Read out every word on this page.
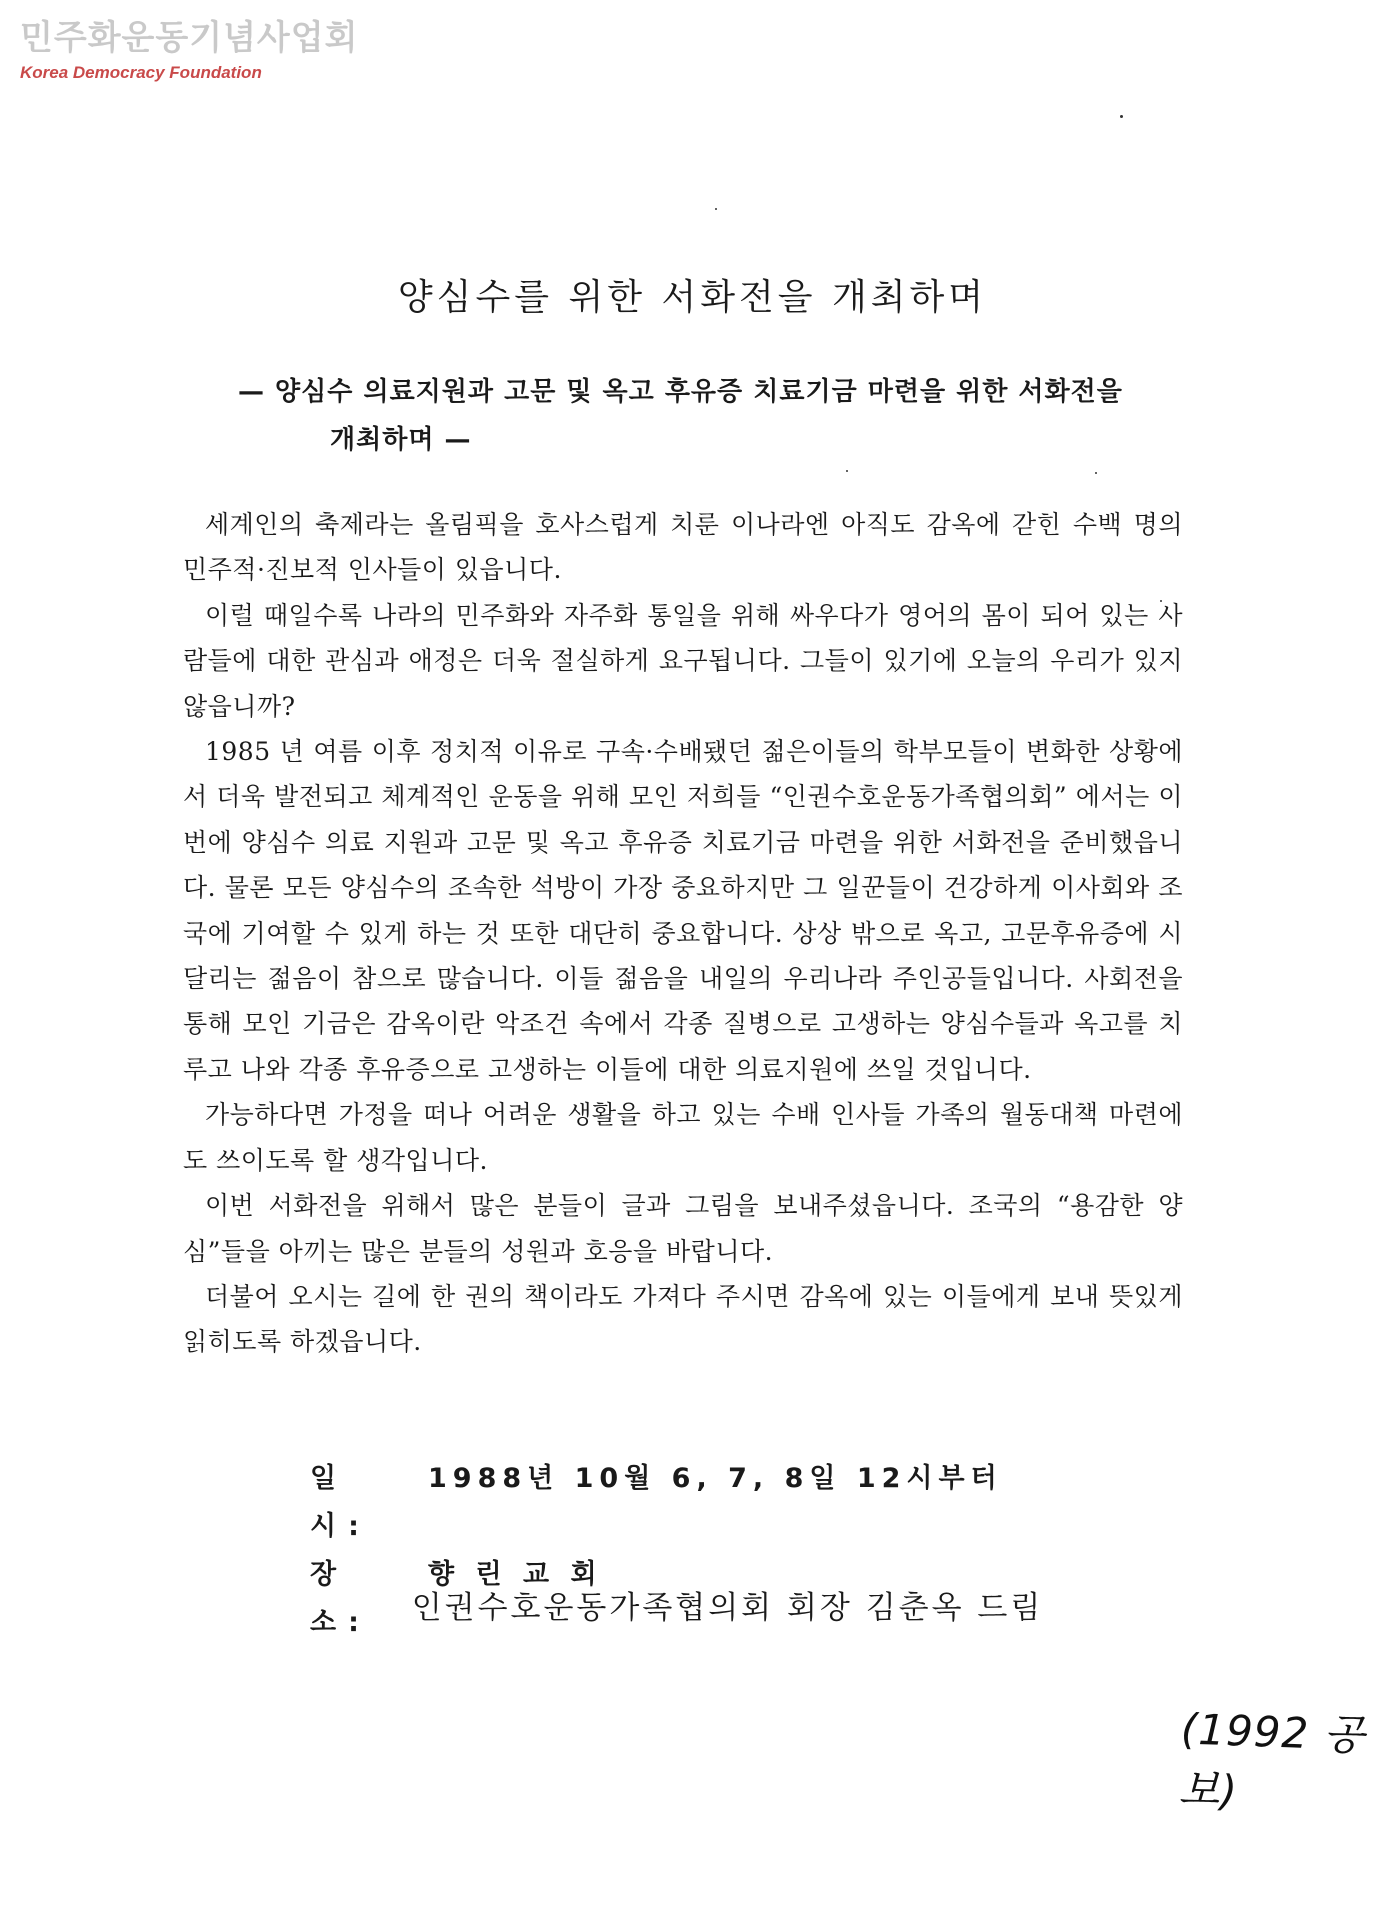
민주화운동기념사업회
Korea Democracy Foundation
양심수를 위한 서화전을 개최하며
— 양심수 의료지원과 고문 및 옥고 후유증 치료기금 마련을 위한 서화전을
개최하며 —

세계인의 축제라는 올림픽을 호사스럽게 치룬 이나라엔 아직도 감옥에 갇힌 수백 명의 민주적·진보적 인사들이 있읍니다.

이럴 때일수록 나라의 민주화와 자주화 통일을 위해 싸우다가 영어의 몸이 되어 있는 사람들에 대한 관심과 애정은 더욱 절실하게 요구됩니다. 그들이 있기에 오늘의 우리가 있지 않읍니까?

1985 년 여름 이후 정치적 이유로 구속·수배됐던 젊은이들의 학부모들이 변화한 상황에서 더욱 발전되고 체계적인 운동을 위해 모인 저희들 “인권수호운동가족협의회” 에서는 이번에 양심수 의료 지원과 고문 및 옥고 후유증 치료기금 마련을 위한 서화전을 준비했읍니다. 물론 모든 양심수의 조속한 석방이 가장 중요하지만 그 일꾼들이 건강하게 이사회와 조국에 기여할 수 있게 하는 것 또한 대단히 중요합니다. 상상 밖으로 옥고, 고문후유증에 시달리는 젊음이 참으로 많습니다. 이들 젊음을 내일의 우리나라 주인공들입니다. 사회전을 통해 모인 기금은 감옥이란 악조건 속에서 각종 질병으로 고생하는 양심수들과 옥고를 치루고 나와 각종 후유증으로 고생하는 이들에 대한 의료지원에 쓰일 것입니다.

가능하다면 가정을 떠나 어려운 생활을 하고 있는 수배 인사들 가족의 월동대책 마련에도 쓰이도록 할 생각입니다.

이번 서화전을 위해서 많은 분들이 글과 그림을 보내주셨읍니다. 조국의 “용감한 양심”들을 아끼는 많은 분들의 성원과 호응을 바랍니다.

더불어 오시는 길에 한 권의 책이라도 가져다 주시면 감옥에 있는 이들에게 보내 뜻있게 읽히도록 하겠읍니다.

일 시:
1988년 10월 6, 7, 8일 12시부터
장 소:
향 린 교 회
인권수호운동가족협의회 회장 김춘옥 드림
(1992 공보)
